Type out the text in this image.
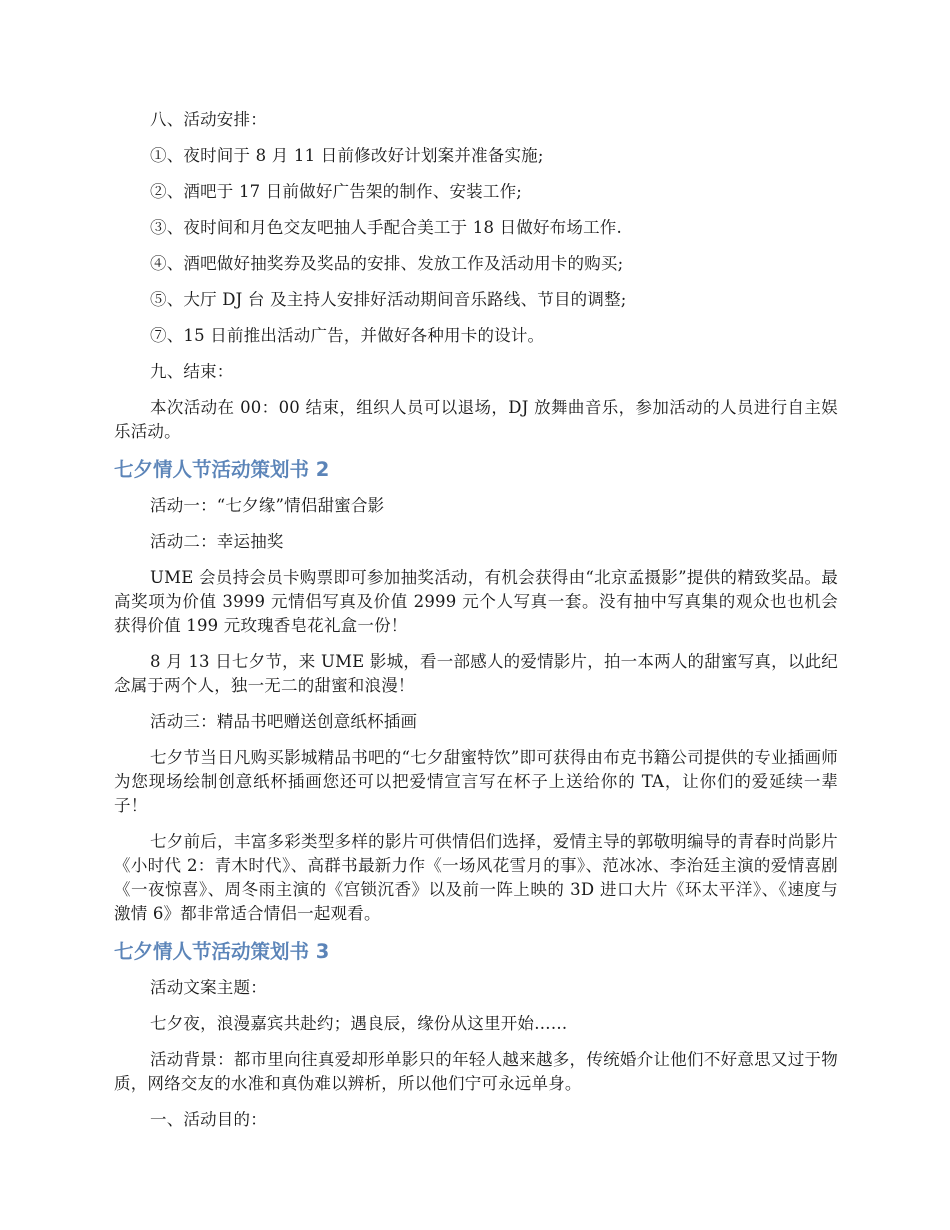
八、活动安排：

①、夜时间于 8 月 11 日前修改好计划案并准备实施;

②、酒吧于 17 日前做好广告架的制作、安装工作;

③、夜时间和月色交友吧抽人手配合美工于 18 日做好布场工作.

④、酒吧做好抽奖券及奖品的安排、发放工作及活动用卡的购买;

⑤、大厅 DJ 台 及主持人安排好活动期间音乐路线、节目的调整;

⑦、15 日前推出活动广告，并做好各种用卡的设计。

九、结束：

本次活动在 00：00 结束，组织人员可以退场，DJ 放舞曲音乐，参加活动的人员进行自主娱乐活动。

七夕情人节活动策划书 2

活动一：“七夕缘”情侣甜蜜合影

活动二：幸运抽奖

UME 会员持会员卡购票即可参加抽奖活动，有机会获得由“北京孟摄影”提供的精致奖品。最高奖项为价值 3999 元情侣写真及价值 2999 元个人写真一套。没有抽中写真集的观众也也机会获得价值 199 元玫瑰香皂花礼盒一份！

8 月 13 日七夕节，来 UME 影城，看一部感人的爱情影片，拍一本两人的甜蜜写真，以此纪念属于两个人，独一无二的甜蜜和浪漫！

活动三：精品书吧赠送创意纸杯插画

七夕节当日凡购买影城精品书吧的“七夕甜蜜特饮”即可获得由布克书籍公司提供的专业插画师为您现场绘制创意纸杯插画您还可以把爱情宣言写在杯子上送给你的 TA，让你们的爱延续一辈子！

七夕前后，丰富多彩类型多样的影片可供情侣们选择，爱情主导的郭敬明编导的青春时尚影片《小时代 2：青木时代》、高群书最新力作《一场风花雪月的事》、范冰冰、李治廷主演的爱情喜剧《一夜惊喜》、周冬雨主演的《宫锁沉香》以及前一阵上映的 3D 进口大片《环太平洋》、《速度与激情 6》都非常适合情侣一起观看。

七夕情人节活动策划书 3

活动文案主题：

七夕夜，浪漫嘉宾共赴约；遇良辰，缘份从这里开始……

活动背景：都市里向往真爱却形单影只的年轻人越来越多，传统婚介让他们不好意思又过于物质，网络交友的水准和真伪难以辨析，所以他们宁可永远单身。

一、活动目的：
